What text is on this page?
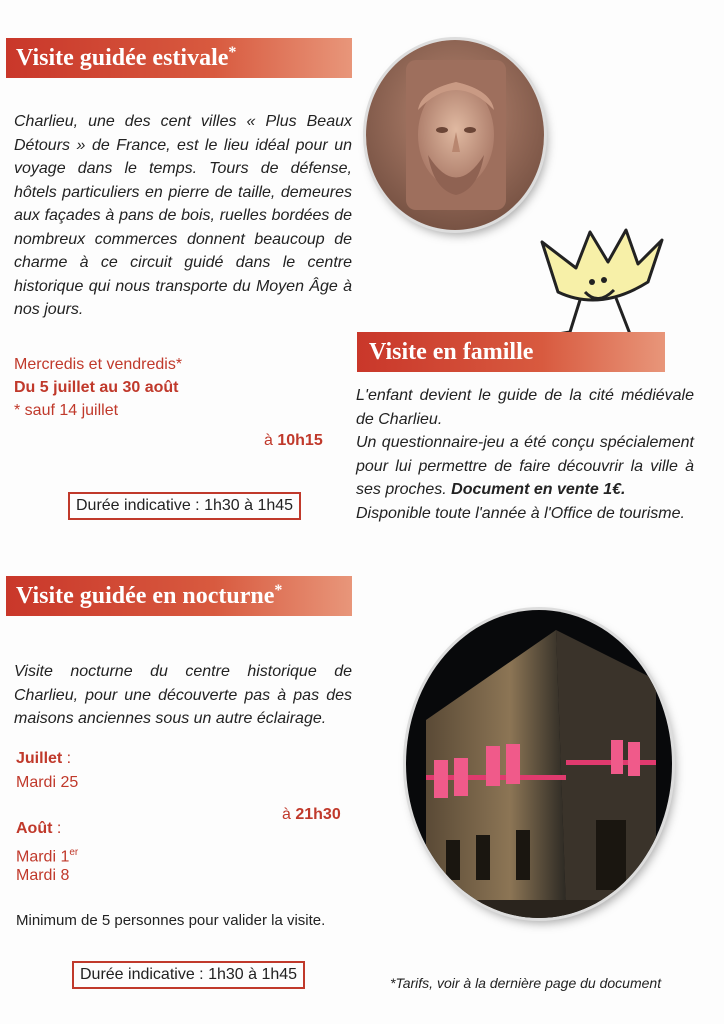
Visite guidée estivale*
Charlieu, une des cent villes « Plus Beaux Détours » de France, est le lieu idéal pour un voyage dans le temps. Tours de défense, hôtels particuliers en pierre de taille, demeures aux façades à pans de bois, ruelles bordées de nombreux commerces donnent beaucoup de charme à ce circuit guidé dans le centre historique qui nous transporte du Moyen Âge à nos jours.
Mercredis et vendredis*
Du 5 juillet au 30 août
* sauf 14 juillet
à 10h15
Durée indicative : 1h30 à 1h45
Visite en famille
L'enfant devient le guide de la cité médiévale de Charlieu.
Un questionnaire-jeu a été conçu spécialement pour lui permettre de faire découvrir la ville à ses proches. Document en vente 1€.
Disponible toute l'année à l'Office de tourisme.
Visite guidée en nocturne*
Visite nocturne du centre historique de Charlieu, pour une découverte pas à pas des maisons anciennes sous un autre éclairage.
Juillet :
Mardi 25
à 21h30
Août :
Mardi 1er
Mardi 8
Minimum de 5 personnes pour valider la visite.
Durée indicative : 1h30 à 1h45	*Tarifs, voir à la dernière page du document
